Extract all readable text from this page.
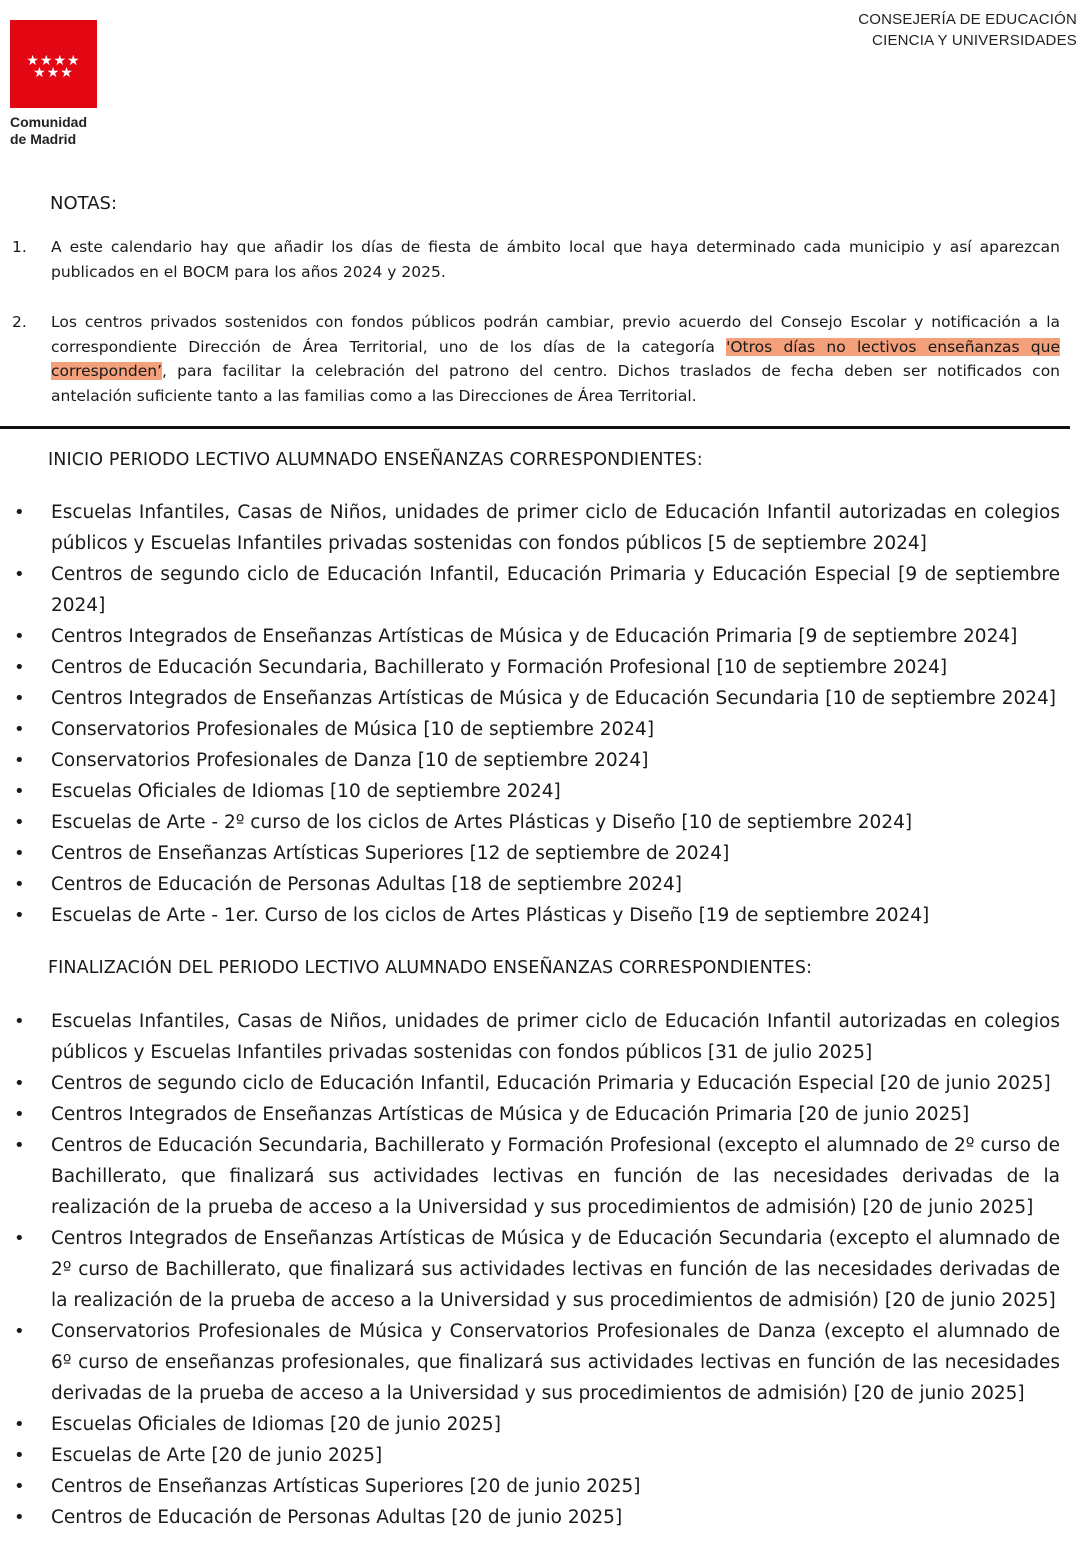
★★★★
★★★
Comunidad
de Madrid
CONSEJERÍA DE EDUCACIÓN
CIENCIA Y UNIVERSIDADES
NOTAS:
1. A este calendario hay que añadir los días de fiesta de ámbito local que haya determinado cada municipio y así aparezcan publicados en el BOCM para los años 2024 y 2025.
2. Los centros privados sostenidos con fondos públicos podrán cambiar, previo acuerdo del Consejo Escolar y notificación a la correspondiente Dirección de Área Territorial, uno de los días de la categoría 'Otros días no lectivos enseñanzas que corresponden’, para facilitar la celebración del patrono del centro. Dichos traslados de fecha deben ser notificados con antelación suficiente tanto a las familias como a las Direcciones de Área Territorial.
INICIO PERIODO LECTIVO ALUMNADO ENSEÑANZAS CORRESPONDIENTES:
• Escuelas Infantiles, Casas de Niños, unidades de primer ciclo de Educación Infantil autorizadas en colegios públicos y Escuelas Infantiles privadas sostenidas con fondos públicos [5 de septiembre 2024]
• Centros de segundo ciclo de Educación Infantil, Educación Primaria y Educación Especial [9 de septiembre 2024]
• Centros Integrados de Enseñanzas Artísticas de Música y de Educación Primaria [9 de septiembre 2024]
• Centros de Educación Secundaria, Bachillerato y Formación Profesional [10 de septiembre 2024]
• Centros Integrados de Enseñanzas Artísticas de Música y de Educación Secundaria [10 de septiembre 2024]
• Conservatorios Profesionales de Música [10 de septiembre 2024]
• Conservatorios Profesionales de Danza [10 de septiembre 2024]
• Escuelas Oficiales de Idiomas [10 de septiembre 2024]
• Escuelas de Arte - 2º curso de los ciclos de Artes Plásticas y Diseño [10 de septiembre 2024]
• Centros de Enseñanzas Artísticas Superiores [12 de septiembre de 2024]
• Centros de Educación de Personas Adultas [18 de septiembre 2024]
• Escuelas de Arte - 1er. Curso de los ciclos de Artes Plásticas y Diseño [19 de septiembre 2024]
FINALIZACIÓN DEL PERIODO LECTIVO ALUMNADO ENSEÑANZAS CORRESPONDIENTES:
• Escuelas Infantiles, Casas de Niños, unidades de primer ciclo de Educación Infantil autorizadas en colegios públicos y Escuelas Infantiles privadas sostenidas con fondos públicos [31 de julio 2025]
• Centros de segundo ciclo de Educación Infantil, Educación Primaria y Educación Especial [20 de junio 2025]
• Centros Integrados de Enseñanzas Artísticas de Música y de Educación Primaria [20 de junio 2025]
• Centros de Educación Secundaria, Bachillerato y Formación Profesional (excepto el alumnado de 2º curso de Bachillerato, que finalizará sus actividades lectivas en función de las necesidades derivadas de la realización de la prueba de acceso a la Universidad y sus procedimientos de admisión) [20 de junio 2025]
• Centros Integrados de Enseñanzas Artísticas de Música y de Educación Secundaria (excepto el alumnado de 2º curso de Bachillerato, que finalizará sus actividades lectivas en función de las necesidades derivadas de la realización de la prueba de acceso a la Universidad y sus procedimientos de admisión) [20 de junio 2025]
• Conservatorios Profesionales de Música y Conservatorios Profesionales de Danza (excepto el alumnado de 6º curso de enseñanzas profesionales, que finalizará sus actividades lectivas en función de las necesidades derivadas de la prueba de acceso a la Universidad y sus procedimientos de admisión) [20 de junio 2025]
• Escuelas Oficiales de Idiomas [20 de junio 2025]
• Escuelas de Arte [20 de junio 2025]
• Centros de Enseñanzas Artísticas Superiores [20 de junio 2025]
• Centros de Educación de Personas Adultas [20 de junio 2025]
